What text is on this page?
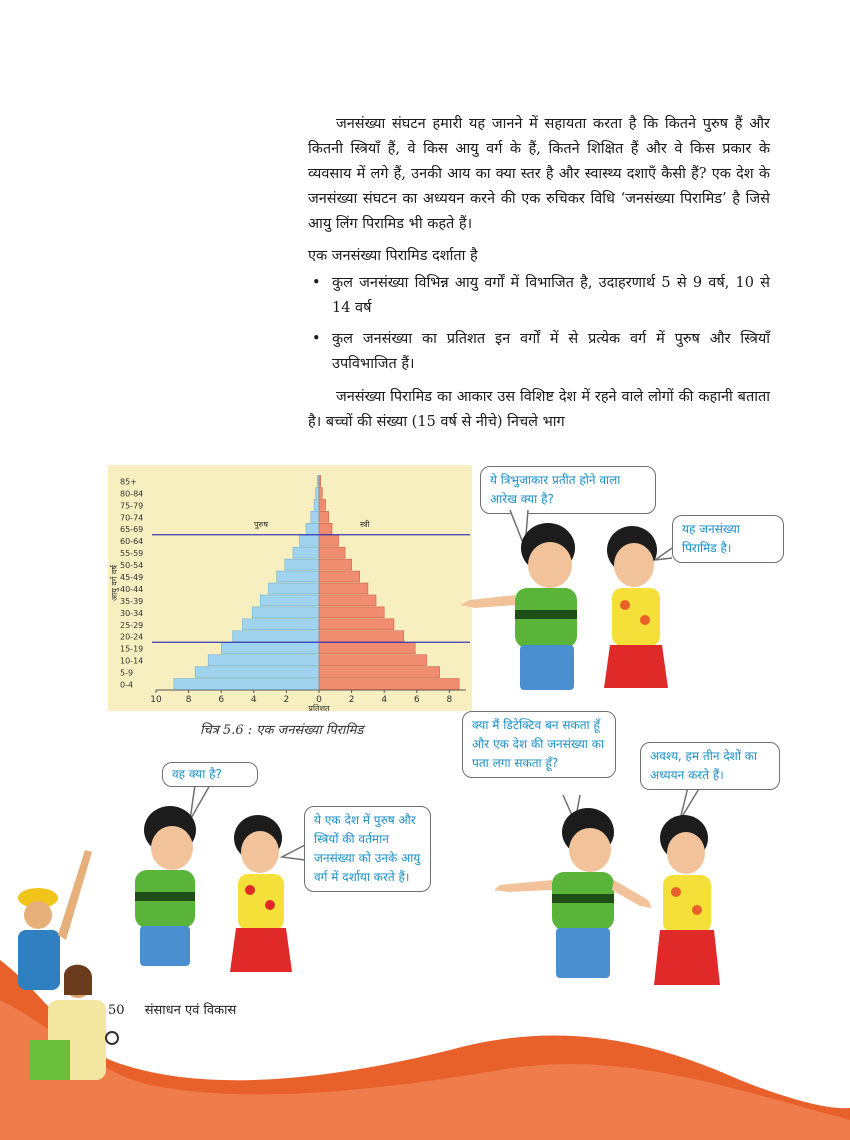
जनसंख्या संघटन हमारी यह जानने में सहायता करता है कि कितने पुरुष हैं और कितनी स्त्रियाँ हैं, वे किस आयु वर्ग के हैं, कितने शिक्षित हैं और वे किस प्रकार के व्यवसाय में लगे हैं, उनकी आय का क्या स्तर है और स्वास्थ्य दशाएँ कैसी हैं? एक देश के जनसंख्या संघटन का अध्ययन करने की एक रुचिकर विधि ‘जनसंख्या पिरामिड’ है जिसे आयु लिंग पिरामिड भी कहते हैं।

एक जनसंख्या पिरामिड दर्शाता है

• कुल जनसंख्या विभिन्न आयु वर्गों में विभाजित है, उदाहरणार्थ 5 से 9 वर्ष, 10 से 14 वर्ष
• कुल जनसंख्या का प्रतिशत इन वर्गों में से प्रत्येक वर्ग में पुरुष और स्त्रियाँ उपविभाजित हैं।

जनसंख्या पिरामिड का आकार उस विशिष्ट देश में रहने वाले लोगों की कहानी बताता है। बच्चों की संख्या (15 वर्ष से नीचे) निचले भाग

0-4
5-9
10-14
15-19
20-24
25-29
30-34
35-39
40-44
45-49
50-54
55-59
60-64
65-69
70-74
75-79
80-84
85+
10	8	6	4	2	0	2	4	6	8
प्रतिशत
आयु वर्ग वर्ष
पुरुष	स्त्री
चित्र 5.6 : एक जनसंख्या पिरामिड
ये त्रिभुजाकार प्रतीत होने वाला आरेख क्या है?
यह जनसंख्या पिरामिड है।
वह क्या है?
ये एक देश में पुरुष और स्त्रियों की वर्तमान जनसंख्या को उनके आयु वर्ग में दर्शाया करते हैं।
क्या मैं डिटेक्टिव बन सकता हूँ और एक देश की जनसंख्या का पता लगा सकता हूँ?	अवश्य, हम तीन देशों का अध्ययन करते हैं।
50 संसाधन एवं विकास
